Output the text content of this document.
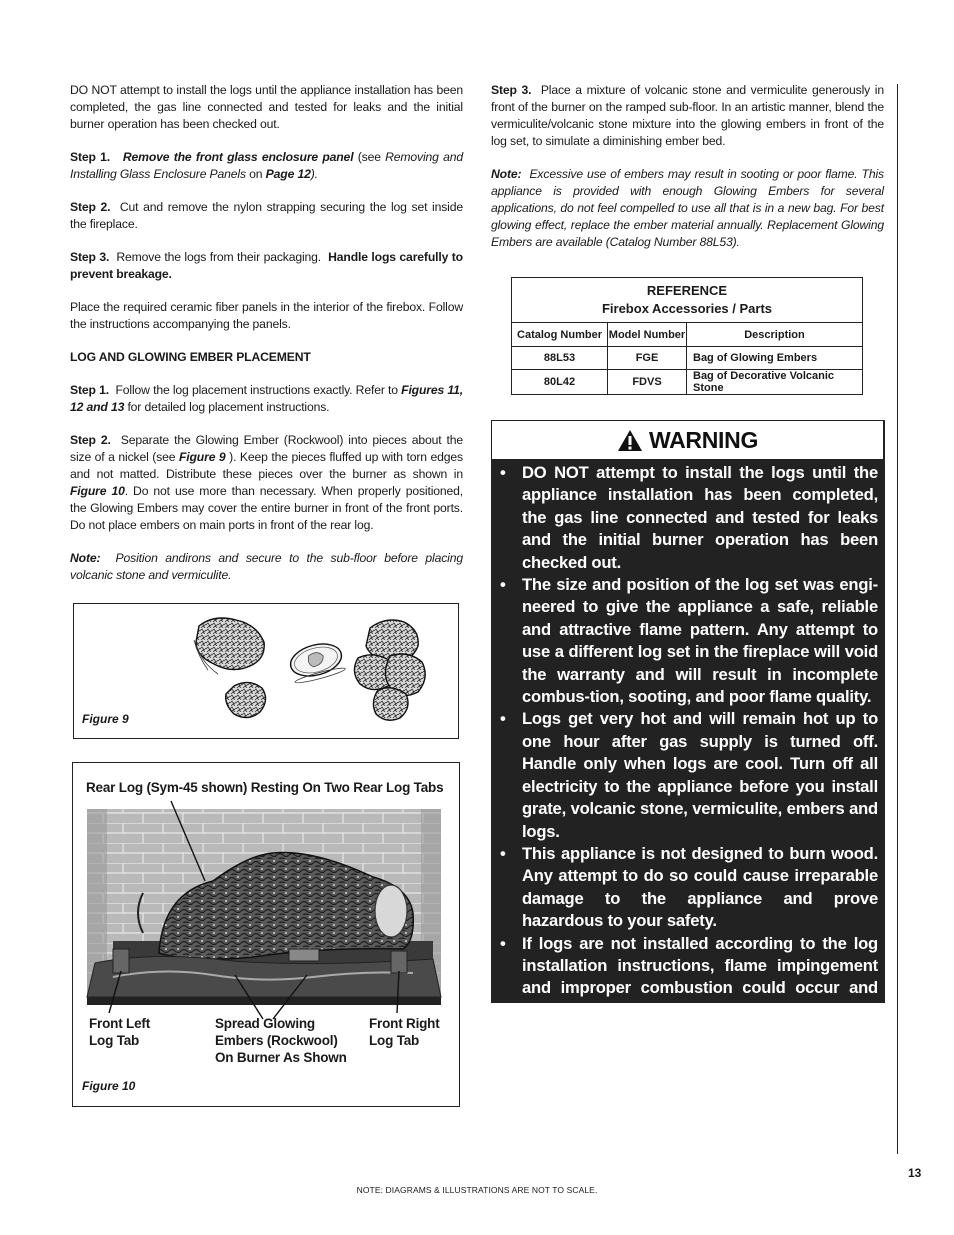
DO NOT attempt to install the logs until the appliance installation has been completed, the gas line connected and tested for leaks and the initial burner operation has been checked out.

Step 1. Remove the front glass enclosure panel (see Removing and Installing Glass Enclosure Panels on Page 12).

Step 2. Cut and remove the nylon strapping securing the log set inside the fireplace.

Step 3. Remove the logs from their packaging. Handle logs carefully to prevent breakage.

Place the required ceramic fiber panels in the interior of the firebox. Follow the instructions accompanying the panels.

LOG AND GLOWING EMBER PLACEMENT

Step 1. Follow the log placement instructions exactly. Refer to Figures 11, 12 and 13 for detailed log placement instructions.

Step 2. Separate the Glowing Ember (Rockwool) into pieces about the size of a nickel (see Figure 9 ). Keep the pieces fluffed up with torn edges and not matted. Distribute these pieces over the burner as shown in Figure 10. Do not use more than necessary. When properly positioned, the Glowing Embers may cover the entire burner in front of the front ports. Do not place embers on main ports in front of the rear log.

Note: Position andirons and secure to the sub-floor before placing volcanic stone and vermiculite.

Figure 9
Rear Log (Sym-45 shown) Resting On Two Rear Log Tabs
Front Left
Log Tab
Spread Glowing
Embers (Rockwool)
On Burner As Shown
Front Right
Log Tab
Figure 10

Step 3. Place a mixture of volcanic stone and vermiculite generously in front of the burner on the ramped sub-floor. In an artistic manner, blend the vermiculite/volcanic stone mixture into the glowing embers in front of the log set, to simulate a diminishing ember bed.

Note: Excessive use of embers may result in sooting or poor flame. This appliance is provided with enough Glowing Embers for several applications, do not feel compelled to use all that is in a new bag. For best glowing effect, replace the ember material annually. Replacement Glowing Embers are available (Catalog Number 88L53).

REFERENCE
Firebox Accessories / Parts		

Catalog Number	Model Number	Description
88L53	FGE	Bag of Glowing Embers
80L42	FDVS	Bag of Decorative Volcanic Stone
WARNING
• DO NOT attempt to install the logs until the appliance installation has been completed, the gas line connected and tested for leaks and the initial burner operation has been checked out.
• The size and position of the log set was engi-neered to give the appliance a safe, reliable and attractive flame pattern. Any attempt to use a different log set in the fireplace will void the warranty and will result in incomplete combus-tion, sooting, and poor flame quality.
• Logs get very hot and will remain hot up to one hour after gas supply is turned off. Handle only when logs are cool. Turn off all electricity to the appliance before you install grate, volcanic stone, vermiculite, embers and logs.
• This appliance is not designed to burn wood. Any attempt to do so could cause irreparable damage to the appliance and prove hazardous to your safety.
• If logs are not installed according to the log installation instructions, flame impingement and improper combustion could occur and result in soot and/or excessive production of carbon mon-oxide (CO), a colorless, odorless, toxic gas.
13
NOTE: DIAGRAMS & ILLUSTRATIONS ARE NOT TO SCALE.
